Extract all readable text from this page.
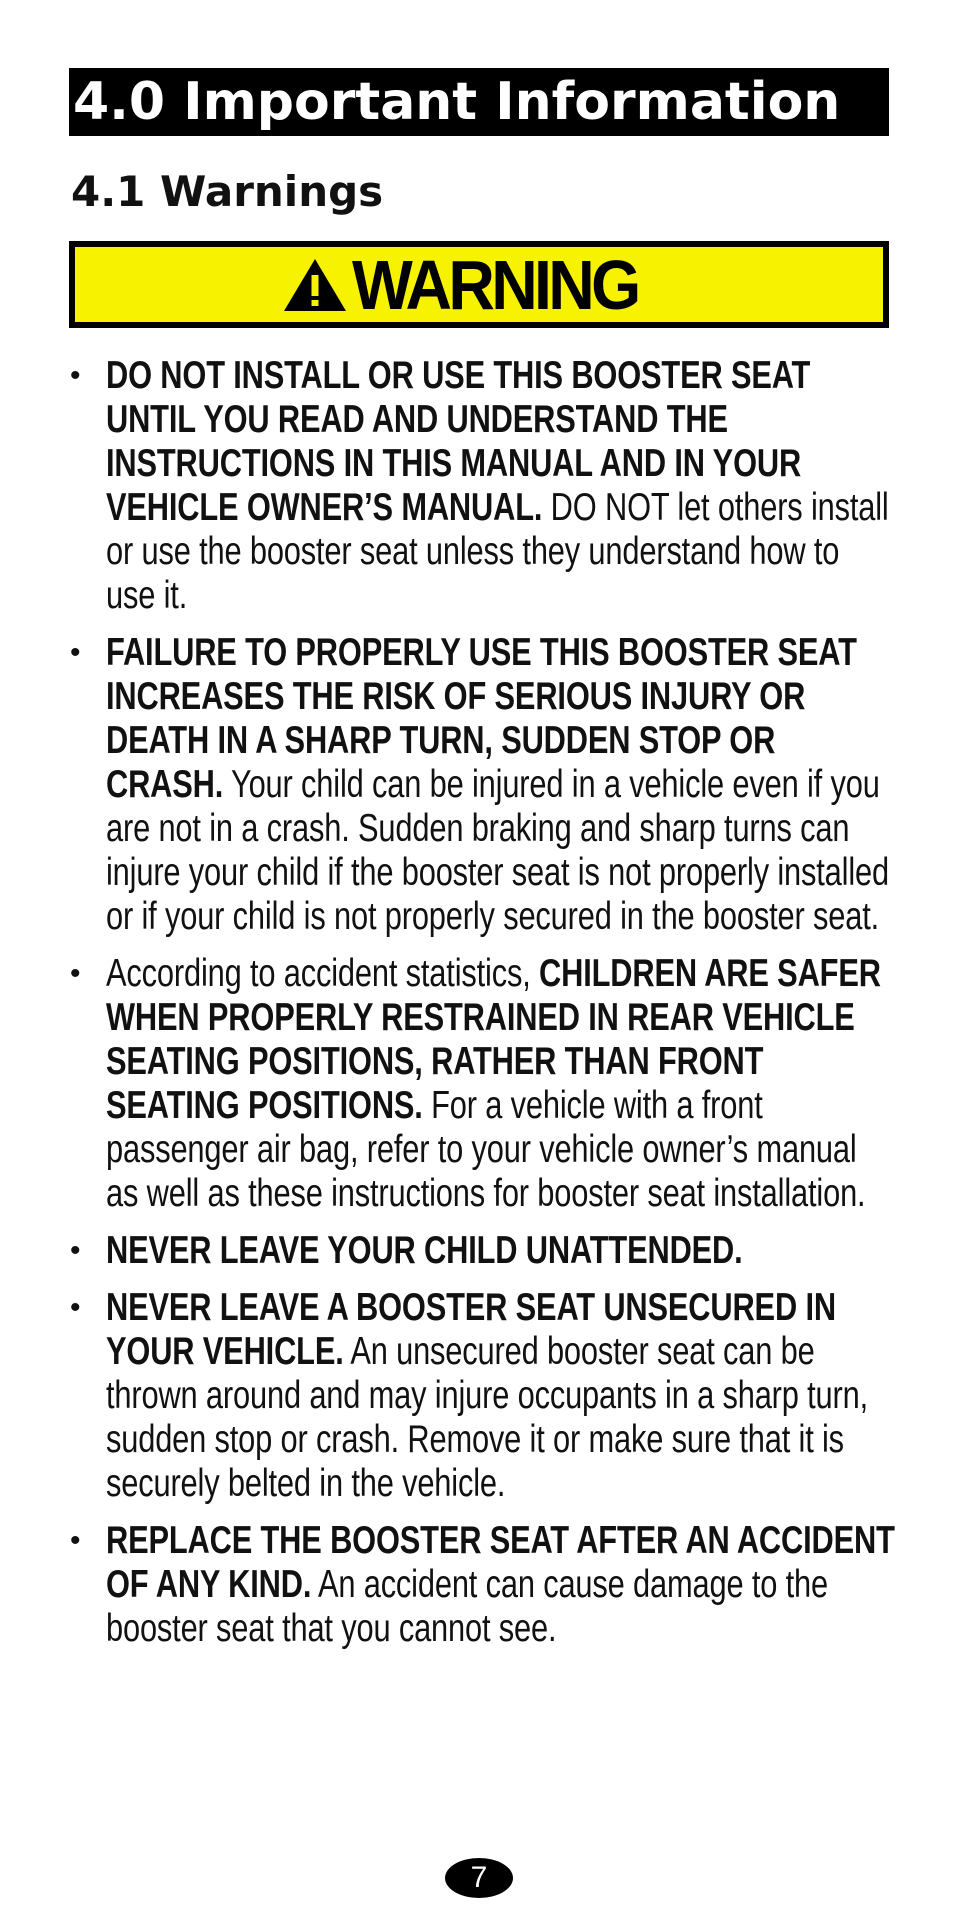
4.0 Important Information
4.1 Warnings
WARNING
• DO NOT INSTALL OR USE THIS BOOSTER SEAT UNTIL YOU READ AND UNDERSTAND THE INSTRUCTIONS IN THIS MANUAL AND IN YOUR VEHICLE OWNER’S MANUAL. DO NOT let others install or use the booster seat unless they understand how to use it.
• FAILURE TO PROPERLY USE THIS BOOSTER SEAT INCREASES THE RISK OF SERIOUS INJURY OR DEATH IN A SHARP TURN, SUDDEN STOP OR CRASH. Your child can be injured in a vehicle even if you are not in a crash. Sudden braking and sharp turns can injure your child if the booster seat is not properly installed or if your child is not properly secured in the booster seat.
• According to accident statistics, CHILDREN ARE SAFER WHEN PROPERLY RESTRAINED IN REAR VEHICLE SEATING POSITIONS, RATHER THAN FRONT SEATING POSITIONS. For a vehicle with a front passenger air bag, refer to your vehicle owner’s manual as well as these instructions for booster seat installation.
• NEVER LEAVE YOUR CHILD UNATTENDED.
• NEVER LEAVE A BOOSTER SEAT UNSECURED IN YOUR VEHICLE. An unsecured booster seat can be thrown around and may injure occupants in a sharp turn, sudden stop or crash. Remove it or make sure that it is securely belted in the vehicle.
• REPLACE THE BOOSTER SEAT AFTER AN ACCIDENT OF ANY KIND. An accident can cause damage to the booster seat that you cannot see.
7
